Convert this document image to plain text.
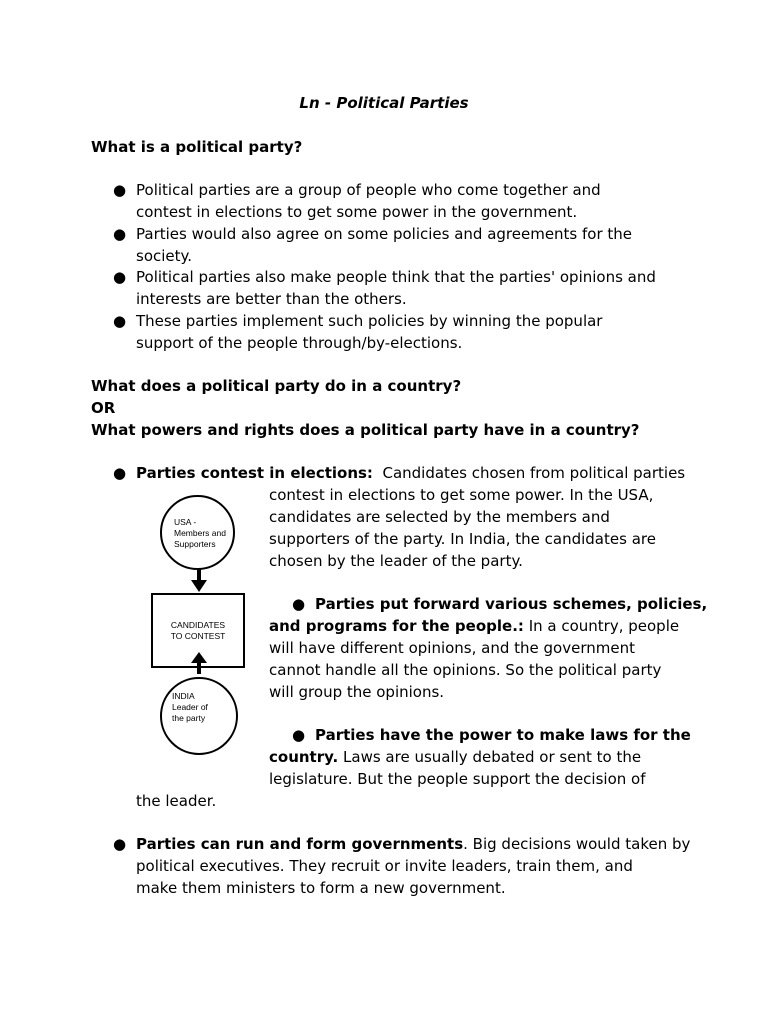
Ln - Political Parties
What is a political party?
● Political parties are a group of people who come together and
contest in elections to get some power in the government.
● Parties would also agree on some policies and agreements for the
society.
● Political parties also make people think that the parties' opinions and
interests are better than the others.
● These parties implement such policies by winning the popular
support of the people through/by-elections.
What does a political party do in a country?
OR
What powers and rights does a political party have in a country?
● Parties contest in elections: Candidates chosen from political parties
contest in elections to get some power. In the USA,
candidates are selected by the members and
supporters of the party. In India, the candidates are
chosen by the leader of the party.
● Parties put forward various schemes, policies,
and programs for the people.: In a country, people
will have different opinions, and the government
cannot handle all the opinions. So the political party
will group the opinions.
● Parties have the power to make laws for the
country. Laws are usually debated or sent to the
legislature. But the people support the decision of
the leader.
● Parties can run and form governments. Big decisions would taken by
political executives. They recruit or invite leaders, train them, and
make them ministers to form a new government.
USA -
Members and
Supporters
CANDIDATES
TO CONTEST
INDIA
Leader of
the party
